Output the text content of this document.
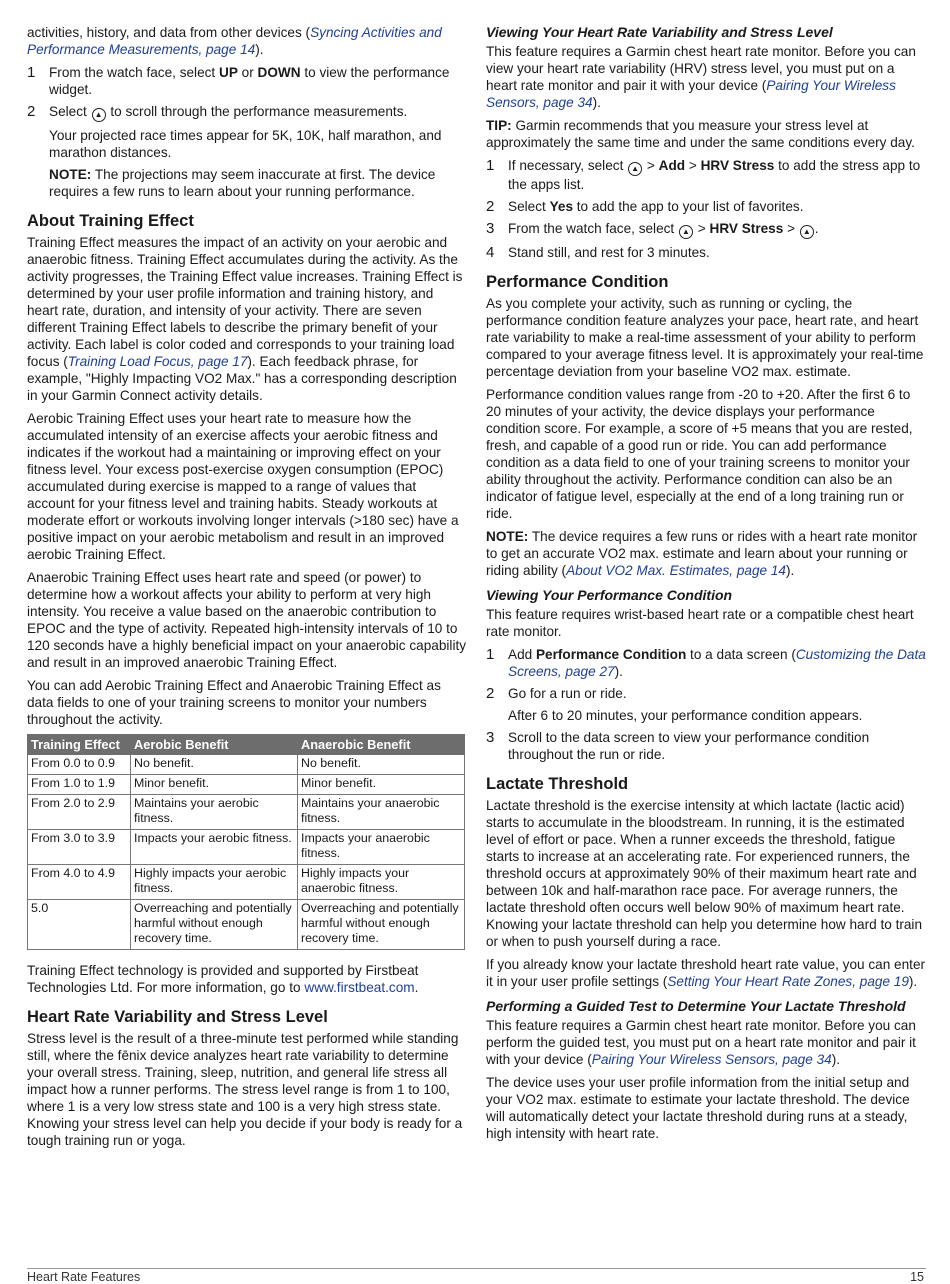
activities, history, and data from other devices (Syncing Activities and Performance Measurements, page 14).

1 From the watch face, select UP or DOWN to view the performance widget.

2 Select ▲ to scroll through the performance measurements.

Your projected race times appear for 5K, 10K, half marathon, and marathon distances.

NOTE: The projections may seem inaccurate at first. The device requires a few runs to learn about your running performance.

About Training Effect

Training Effect measures the impact of an activity on your aerobic and anaerobic fitness. Training Effect accumulates during the activity. As the activity progresses, the Training Effect value increases. Training Effect is determined by your user profile information and training history, and heart rate, duration, and intensity of your activity. There are seven different Training Effect labels to describe the primary benefit of your activity. Each label is color coded and corresponds to your training load focus (Training Load Focus, page 17). Each feedback phrase, for example, "Highly Impacting VO2 Max." has a corresponding description in your Garmin Connect activity details.

Aerobic Training Effect uses your heart rate to measure how the accumulated intensity of an exercise affects your aerobic fitness and indicates if the workout had a maintaining or improving effect on your fitness level. Your excess post-exercise oxygen consumption (EPOC) accumulated during exercise is mapped to a range of values that account for your fitness level and training habits. Steady workouts at moderate effort or workouts involving longer intervals (>180 sec) have a positive impact on your aerobic metabolism and result in an improved aerobic Training Effect.

Anaerobic Training Effect uses heart rate and speed (or power) to determine how a workout affects your ability to perform at very high intensity. You receive a value based on the anaerobic contribution to EPOC and the type of activity. Repeated high-intensity intervals of 10 to 120 seconds have a highly beneficial impact on your anaerobic capability and result in an improved anaerobic Training Effect.

You can add Aerobic Training Effect and Anaerobic Training Effect as data fields to one of your training screens to monitor your numbers throughout the activity.

Training Effect	Aerobic Benefit	Anaerobic Benefit
From 0.0 to 0.9	No benefit.	No benefit.
From 1.0 to 1.9	Minor benefit.	Minor benefit.
From 2.0 to 2.9	Maintains your aerobic fitness.	Maintains your anaerobic fitness.
From 3.0 to 3.9	Impacts your aerobic fitness.	Impacts your anaerobic fitness.
From 4.0 to 4.9	Highly impacts your aerobic fitness.	Highly impacts your anaerobic fitness.
5.0	Overreaching and potentially harmful without enough recovery time.	Overreaching and potentially harmful without enough recovery time.

Training Effect technology is provided and supported by Firstbeat Technologies Ltd. For more information, go to www.firstbeat.com.

Heart Rate Variability and Stress Level

Stress level is the result of a three-minute test performed while standing still, where the fēnix device analyzes heart rate variability to determine your overall stress. Training, sleep, nutrition, and general life stress all impact how a runner performs. The stress level range is from 1 to 100, where 1 is a very low stress state and 100 is a very high stress state. Knowing your stress level can help you decide if your body is ready for a tough training run or yoga.

Viewing Your Heart Rate Variability and Stress Level

This feature requires a Garmin chest heart rate monitor. Before you can view your heart rate variability (HRV) stress level, you must put on a heart rate monitor and pair it with your device (Pairing Your Wireless Sensors, page 34).

TIP: Garmin recommends that you measure your stress level at approximately the same time and under the same conditions every day.

1 If necessary, select ▲ > Add > HRV Stress to add the stress app to the apps list.

2 Select Yes to add the app to your list of favorites.

3 From the watch face, select ▲ > HRV Stress > ▲ .

4 Stand still, and rest for 3 minutes.

Performance Condition

As you complete your activity, such as running or cycling, the performance condition feature analyzes your pace, heart rate, and heart rate variability to make a real-time assessment of your ability to perform compared to your average fitness level. It is approximately your real-time percentage deviation from your baseline VO2 max. estimate.

Performance condition values range from -20 to +20. After the first 6 to 20 minutes of your activity, the device displays your performance condition score. For example, a score of +5 means that you are rested, fresh, and capable of a good run or ride. You can add performance condition as a data field to one of your training screens to monitor your ability throughout the activity. Performance condition can also be an indicator of fatigue level, especially at the end of a long training run or ride.

NOTE: The device requires a few runs or rides with a heart rate monitor to get an accurate VO2 max. estimate and learn about your running or riding ability (About VO2 Max. Estimates, page 14).

Viewing Your Performance Condition

This feature requires wrist-based heart rate or a compatible chest heart rate monitor.

1 Add Performance Condition to a data screen (Customizing the Data Screens, page 27).

2 Go for a run or ride.

After 6 to 20 minutes, your performance condition appears.

3 Scroll to the data screen to view your performance condition throughout the run or ride.

Lactate Threshold

Lactate threshold is the exercise intensity at which lactate (lactic acid) starts to accumulate in the bloodstream. In running, it is the estimated level of effort or pace. When a runner exceeds the threshold, fatigue starts to increase at an accelerating rate. For experienced runners, the threshold occurs at approximately 90% of their maximum heart rate and between 10k and half-marathon race pace. For average runners, the lactate threshold often occurs well below 90% of maximum heart rate. Knowing your lactate threshold can help you determine how hard to train or when to push yourself during a race.

If you already know your lactate threshold heart rate value, you can enter it in your user profile settings (Setting Your Heart Rate Zones, page 19).

Performing a Guided Test to Determine Your Lactate Threshold

This feature requires a Garmin chest heart rate monitor. Before you can perform the guided test, you must put on a heart rate monitor and pair it with your device (Pairing Your Wireless Sensors, page 34).

The device uses your user profile information from the initial setup and your VO2 max. estimate to estimate your lactate threshold. The device will automatically detect your lactate threshold during runs at a steady, high intensity with heart rate.

Heart Rate Features	15
